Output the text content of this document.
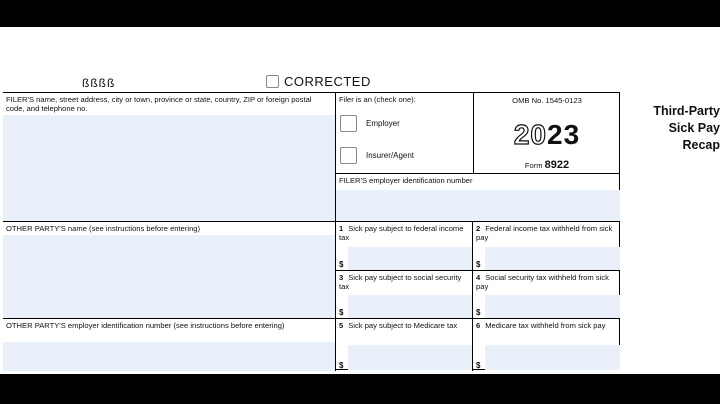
ßßßß	CORRECTED
FILER'S name, street address, city or town, province or state, country, ZIP or foreign postal code, and telephone no.
Filer is an (check one):
Employer
Insurer/Agent
OMB No. 1545-0123
2023
Form 8922
FILER'S employer identification number
OTHER PARTY'S name (see instructions before entering)
OTHER PARTY'S employer identification number (see instructions before entering)
1 Sick pay subject to federal income tax
$
2 Federal income tax withheld from sick pay
$
3 Sick pay subject to social security tax
$
4 Social security tax withheld from sick pay
$
5 Sick pay subject to Medicare tax
$
6 Medicare tax withheld from sick pay
$
Third-Party
Sick Pay
Recap
